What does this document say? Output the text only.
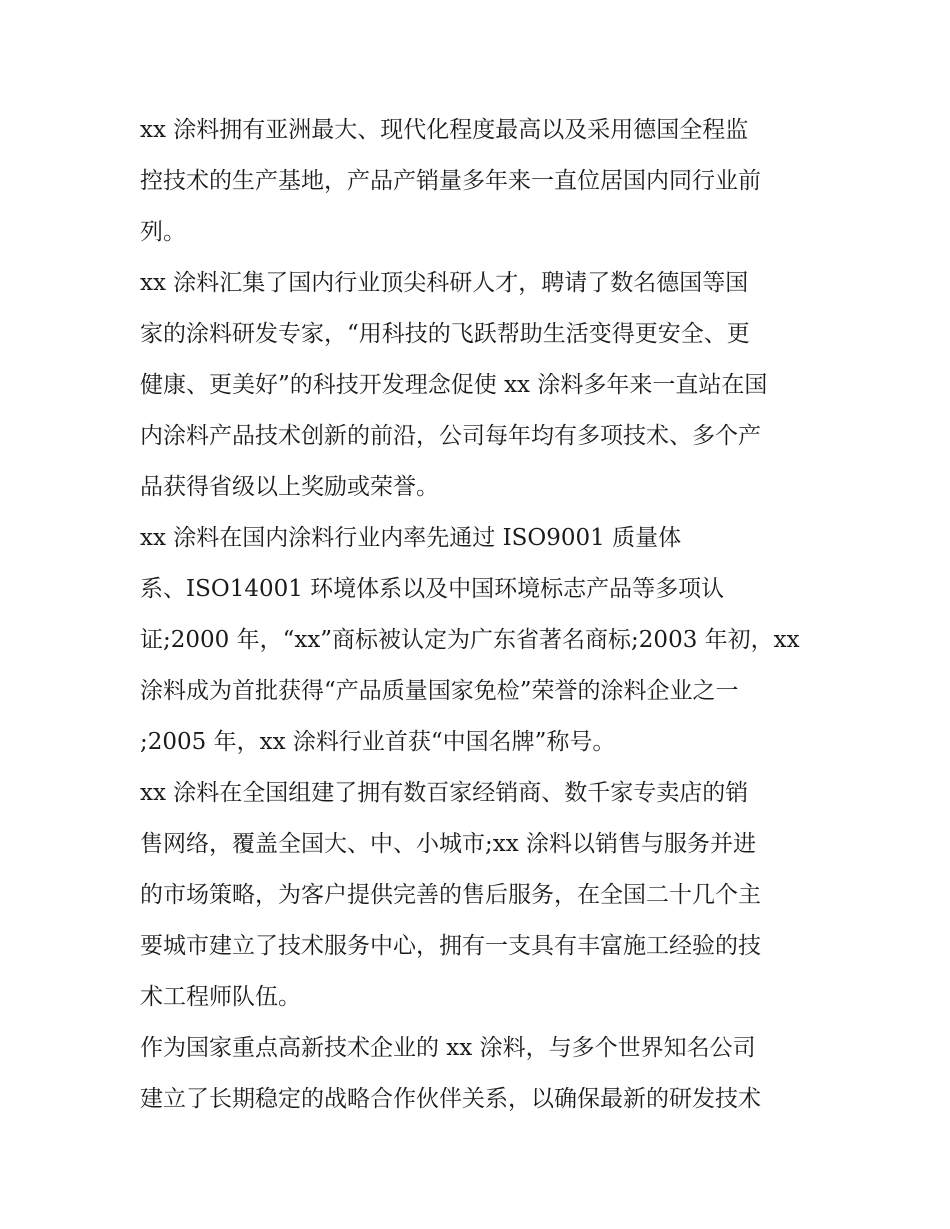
xx 涂料拥有亚洲最大、现代化程度最高以及采用德国全程监
控技术的生产基地，产品产销量多年来一直位居国内同行业前
列。
xx 涂料汇集了国内行业顶尖科研人才，聘请了数名德国等国
家的涂料研发专家，“用科技的飞跃帮助生活变得更安全、更
健康、更美好”的科技开发理念促使 xx 涂料多年来一直站在国
内涂料产品技术创新的前沿，公司每年均有多项技术、多个产
品获得省级以上奖励或荣誉。
xx 涂料在国内涂料行业内率先通过 ISO9001 质量体
系、ISO14001 环境体系以及中国环境标志产品等多项认
证;2000 年，“xx”商标被认定为广东省著名商标;2003 年初，xx
涂料成为首批获得“产品质量国家免检”荣誉的涂料企业之一
;2005 年，xx 涂料行业首获“中国名牌”称号。
xx 涂料在全国组建了拥有数百家经销商、数千家专卖店的销
售网络，覆盖全国大、中、小城市;xx 涂料以销售与服务并进
的市场策略，为客户提供完善的售后服务，在全国二十几个主
要城市建立了技术服务中心，拥有一支具有丰富施工经验的技
术工程师队伍。
作为国家重点高新技术企业的 xx 涂料，与多个世界知名公司
建立了长期稳定的战略合作伙伴关系，以确保最新的研发技术
